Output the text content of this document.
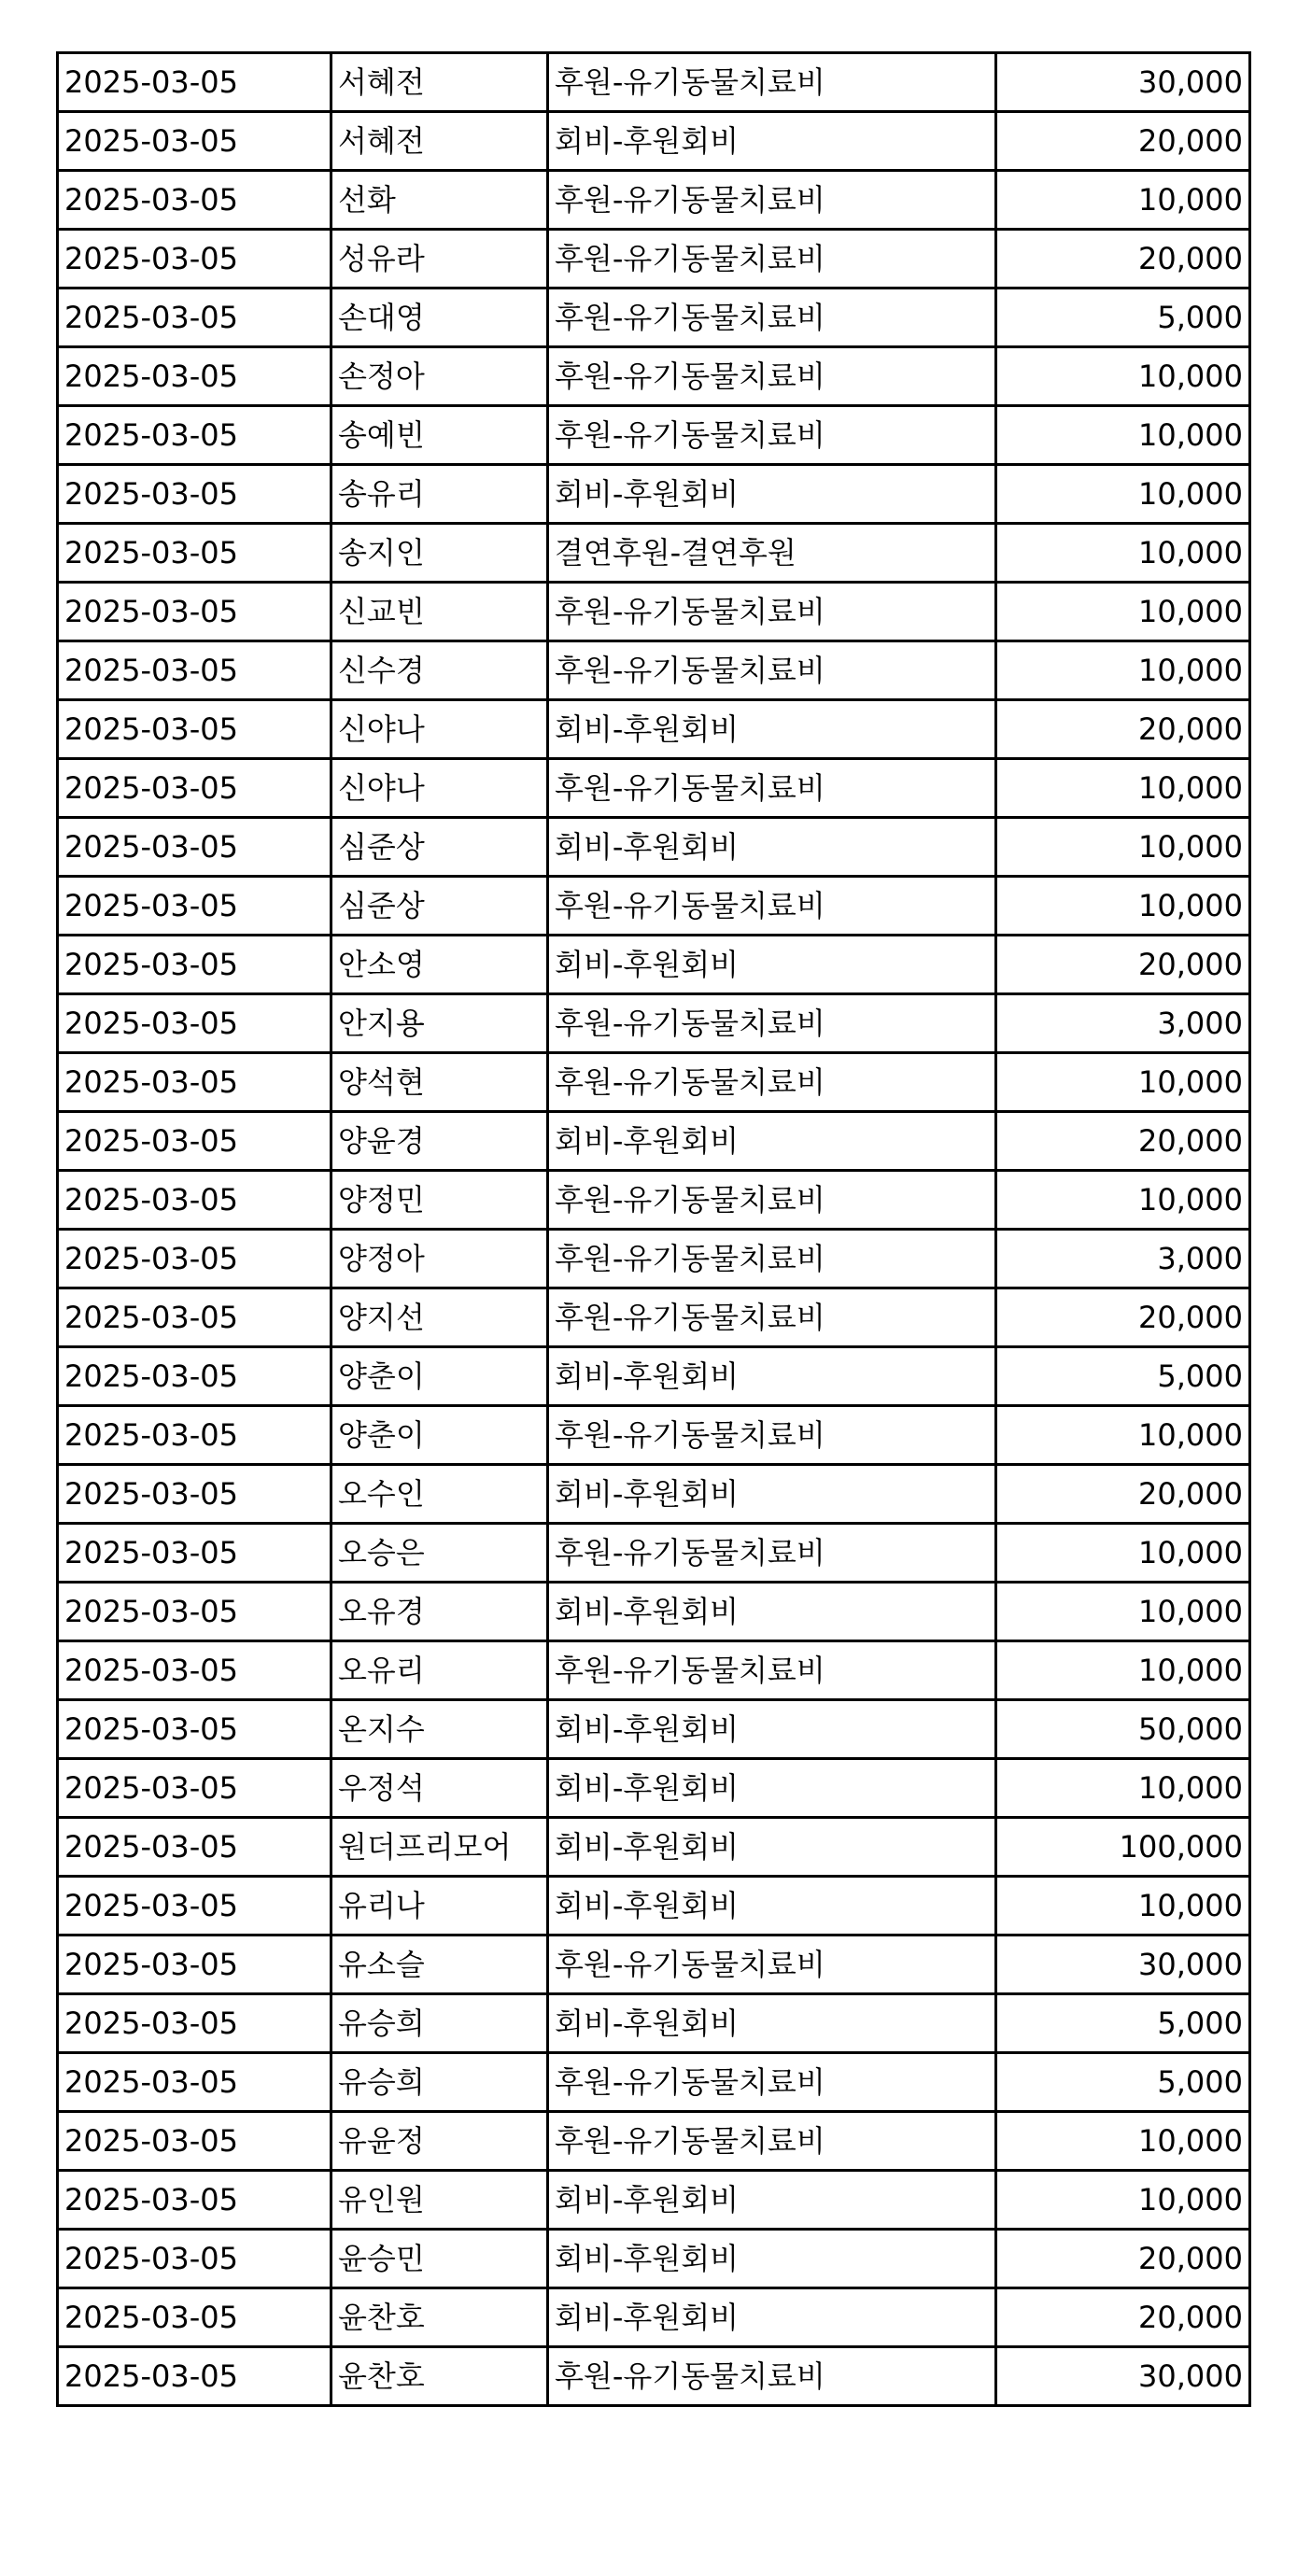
2025-03-05	서혜전	후원-유기동물치료비	30,000
2025-03-05	서혜전	회비-후원회비	20,000
2025-03-05	선화	후원-유기동물치료비	10,000
2025-03-05	성유라	후원-유기동물치료비	20,000
2025-03-05	손대영	후원-유기동물치료비	5,000
2025-03-05	손정아	후원-유기동물치료비	10,000
2025-03-05	송예빈	후원-유기동물치료비	10,000
2025-03-05	송유리	회비-후원회비	10,000
2025-03-05	송지인	결연후원-결연후원	10,000
2025-03-05	신교빈	후원-유기동물치료비	10,000
2025-03-05	신수경	후원-유기동물치료비	10,000
2025-03-05	신야나	회비-후원회비	20,000
2025-03-05	신야나	후원-유기동물치료비	10,000
2025-03-05	심준상	회비-후원회비	10,000
2025-03-05	심준상	후원-유기동물치료비	10,000
2025-03-05	안소영	회비-후원회비	20,000
2025-03-05	안지용	후원-유기동물치료비	3,000
2025-03-05	양석현	후원-유기동물치료비	10,000
2025-03-05	양윤경	회비-후원회비	20,000
2025-03-05	양정민	후원-유기동물치료비	10,000
2025-03-05	양정아	후원-유기동물치료비	3,000
2025-03-05	양지선	후원-유기동물치료비	20,000
2025-03-05	양춘이	회비-후원회비	5,000
2025-03-05	양춘이	후원-유기동물치료비	10,000
2025-03-05	오수인	회비-후원회비	20,000
2025-03-05	오승은	후원-유기동물치료비	10,000
2025-03-05	오유경	회비-후원회비	10,000
2025-03-05	오유리	후원-유기동물치료비	10,000
2025-03-05	온지수	회비-후원회비	50,000
2025-03-05	우정석	회비-후원회비	10,000
2025-03-05	원더프리모어	회비-후원회비	100,000
2025-03-05	유리나	회비-후원회비	10,000
2025-03-05	유소슬	후원-유기동물치료비	30,000
2025-03-05	유승희	회비-후원회비	5,000
2025-03-05	유승희	후원-유기동물치료비	5,000
2025-03-05	유윤정	후원-유기동물치료비	10,000
2025-03-05	유인원	회비-후원회비	10,000
2025-03-05	윤승민	회비-후원회비	20,000
2025-03-05	윤찬호	회비-후원회비	20,000
2025-03-05	윤찬호	후원-유기동물치료비	30,000
